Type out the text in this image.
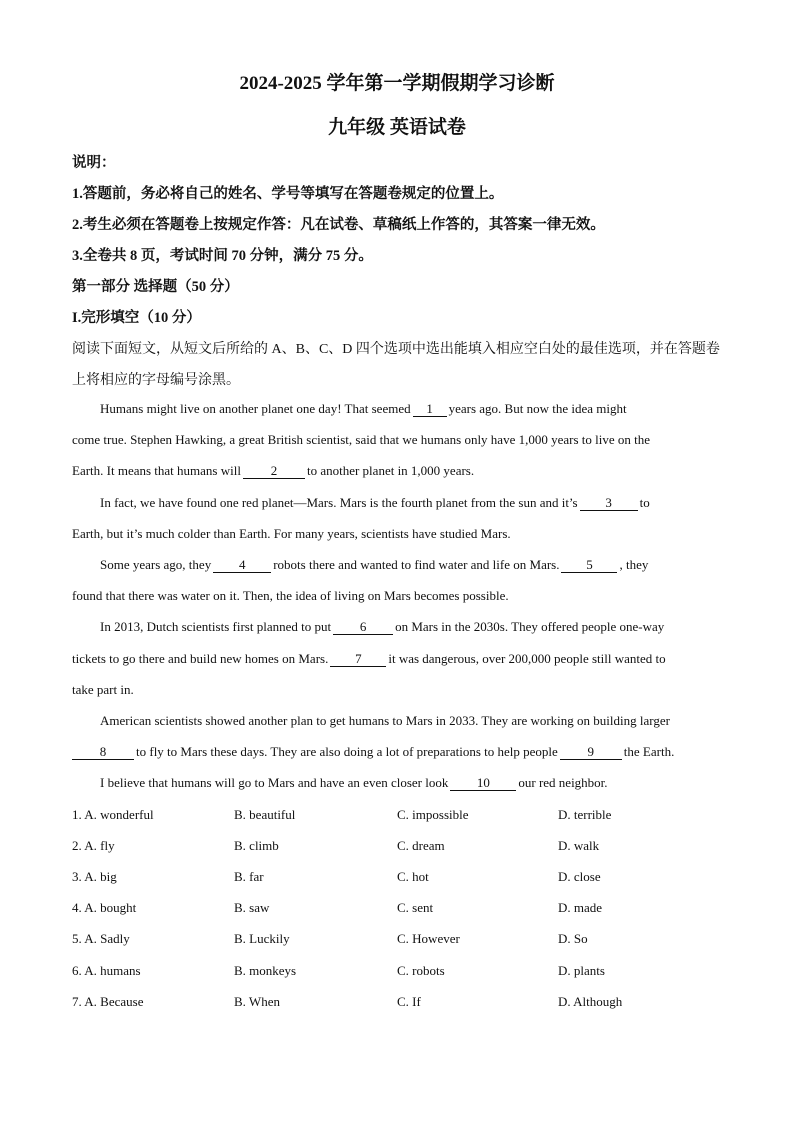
2024-2025 学年第一学期假期学习诊断
九年级 英语试卷
说明：
1.答题前，务必将自己的姓名、学号等填写在答题卷规定的位置上。
2.考生必须在答题卷上按规定作答：凡在试卷、草稿纸上作答的，其答案一律无效。
3.全卷共 8 页，考试时间 70 分钟，满分 75 分。
第一部分 选择题（50 分）
I.完形填空（10 分）
阅读下面短文，从短文后所给的 A、B、C、D 四个选项中选出能填入相应空白处的最佳选项，并在答题卷
上将相应的字母编号涂黑。
Humans might live on another planet one day! That seemed 1 years ago. But now the idea might
come true. Stephen Hawking, a great British scientist, said that we humans only have 1,000 years to live on the
Earth. It means that humans will 2 to another planet in 1,000 years.
In fact, we have found one red planet—Mars. Mars is the fourth planet from the sun and it’s 3 to
Earth, but it’s much colder than Earth. For many years, scientists have studied Mars.
Some years ago, they 4 robots there and wanted to find water and life on Mars. 5 , they
found that there was water on it. Then, the idea of living on Mars becomes possible.
In 2013, Dutch scientists first planned to put 6 on Mars in the 2030s. They offered people one-way
tickets to go there and build new homes on Mars. 7 it was dangerous, over 200,000 people still wanted to
take part in.
American scientists showed another plan to get humans to Mars in 2033. They are working on building larger
8 to fly to Mars these days. They are also doing a lot of preparations to help people 9 the Earth.
I believe that humans will go to Mars and have an even closer look 10 our red neighbor.
1. A. wonderful	B. beautiful	C. impossible	D. terrible
2. A. fly	B. climb	C. dream	D. walk
3. A. big	B. far	C. hot	D. close
4. A. bought	B. saw	C. sent	D. made
5. A. Sadly	B. Luckily	C. However	D. So
6. A. humans	B. monkeys	C. robots	D. plants
7. A. Because	B. When	C. If	D. Although
